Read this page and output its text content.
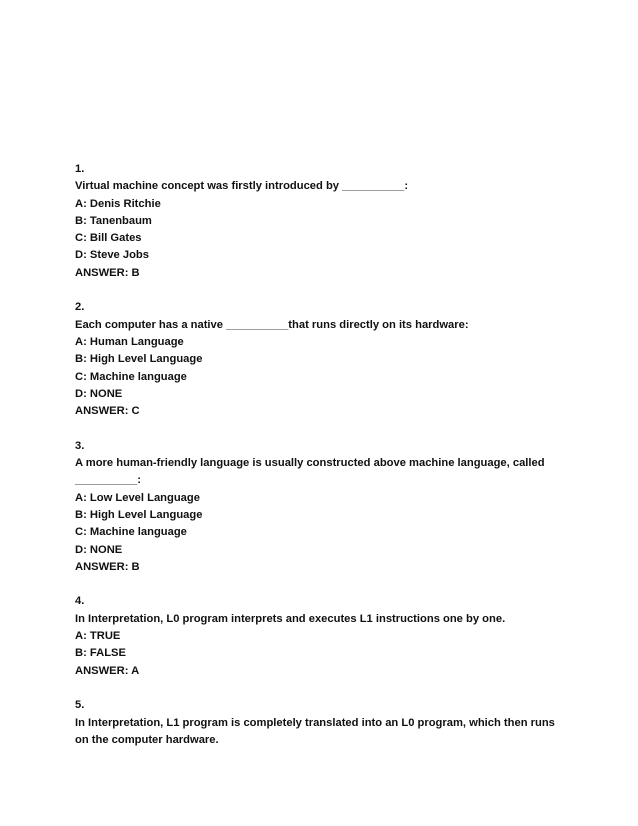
1.
Virtual machine concept was firstly introduced by __________:
A: Denis Ritchie
B: Tanenbaum
C: Bill Gates
D: Steve Jobs
ANSWER: B
2.
Each computer has a native __________that runs directly on its hardware:
A: Human Language
B: High Level Language
C: Machine language
D: NONE
ANSWER: C
3.
A more human-friendly language is usually constructed above machine language, called __________:
A: Low Level Language
B: High Level Language
C: Machine language
D: NONE
ANSWER: B
4.
In Interpretation, L0 program interprets and executes L1 instructions one by one.
A: TRUE
B: FALSE
ANSWER: A
5.
In Interpretation, L1 program is completely translated into an L0 program, which then runs on the computer hardware.
